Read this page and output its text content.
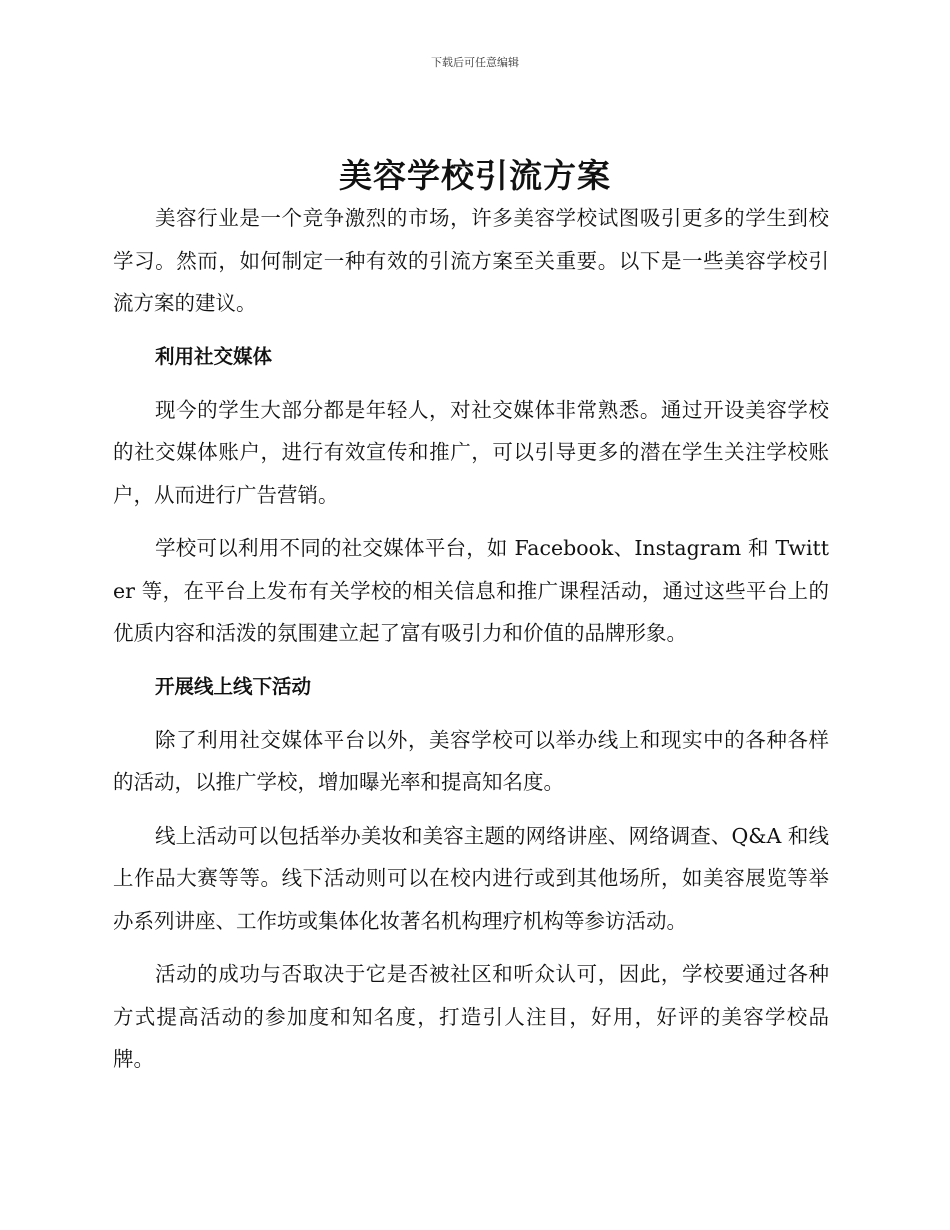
下载后可任意编辑
美容学校引流方案

美容行业是一个竞争激烈的市场，许多美容学校试图吸引更多的学生到校学习。然而，如何制定一种有效的引流方案至关重要。以下是一些美容学校引流方案的建议。

利用社交媒体

现今的学生大部分都是年轻人，对社交媒体非常熟悉。通过开设美容学校的社交媒体账户，进行有效宣传和推广，可以引导更多的潜在学生关注学校账户，从而进行广告营销。

学校可以利用不同的社交媒体平台，如 Facebook、Instagram 和 Twitter 等，在平台上发布有关学校的相关信息和推广课程活动，通过这些平台上的优质内容和活泼的氛围建立起了富有吸引力和价值的品牌形象。

开展线上线下活动

除了利用社交媒体平台以外，美容学校可以举办线上和现实中的各种各样的活动，以推广学校，增加曝光率和提高知名度。

线上活动可以包括举办美妆和美容主题的网络讲座、网络调查、Q&A 和线上作品大赛等等。线下活动则可以在校内进行或到其他场所，如美容展览等举办系列讲座、工作坊或集体化妆著名机构理疗机构等参访活动。

活动的成功与否取决于它是否被社区和听众认可，因此，学校要通过各种方式提高活动的参加度和知名度，打造引人注目，好用，好评的美容学校品牌。
